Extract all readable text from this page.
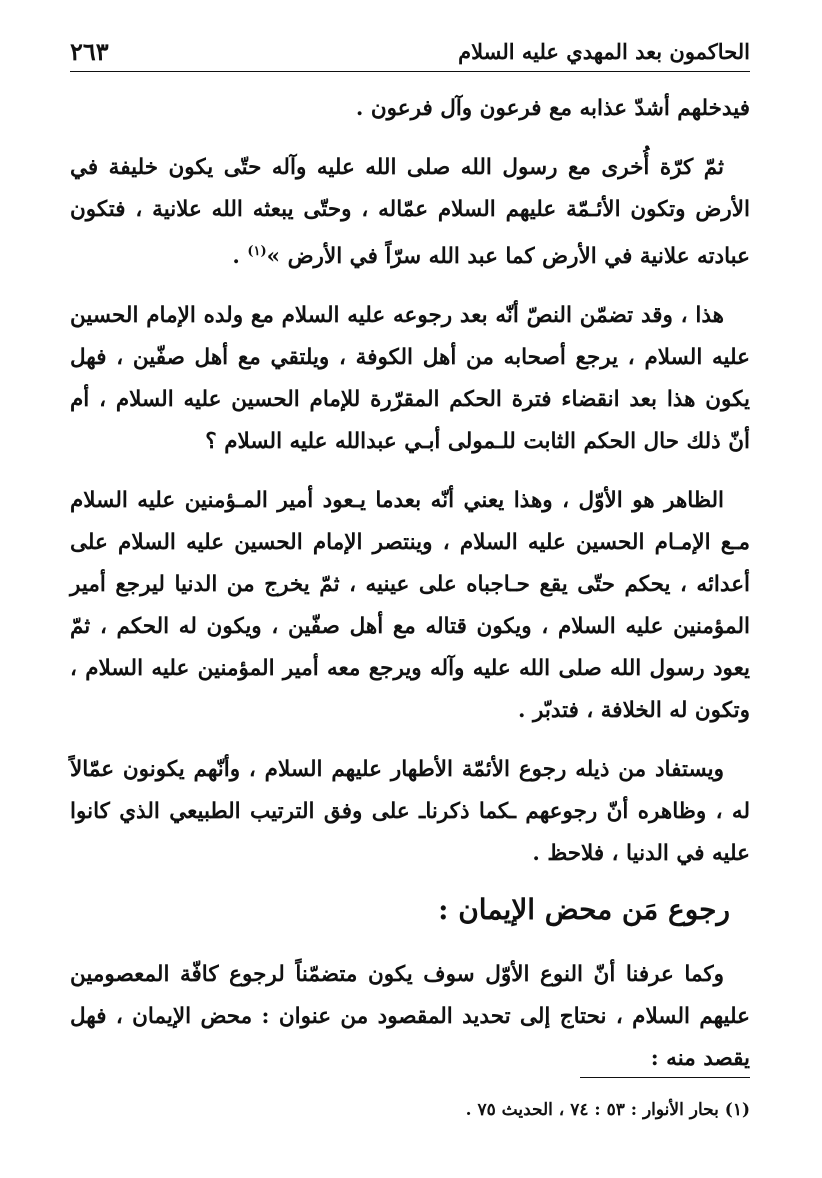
الحاكمون بعد المهدي عليه السلام
٢٦٣

فيدخلهم أشدّ عذابه مع فرعون وآل فرعون .

ثمّ كرّة أُخرى مع رسول الله صلى الله عليه وآله حتّى يكون خليفة في الأرض وتكون الأئـمّة عليهم السلام عمّاله ، وحتّى يبعثه الله علانية ، فتكون عبادته علانية في الأرض كما عبد الله سرّاً في الأرض »$^{(١)}$ .

هذا ، وقد تضمّن النصّ أنّه بعد رجوعه عليه السلام مع ولده الإمام الحسين عليه السلام ، يرجع أصحابه من أهل الكوفة ، ويلتقي مع أهل صفّين ، فهل يكون هذا بعد انقضاء فترة الحكم المقرّرة للإمام الحسين عليه السلام ، أم أنّ ذلك حال الحكم الثابت للـمولى أبـي عبدالله عليه السلام ؟

الظاهر هو الأوّل ، وهذا يعني أنّه بعدما يـعود أمير المـؤمنين عليه السلام مـع الإمـام الحسين عليه السلام ، وينتصر الإمام الحسين عليه السلام على أعدائه ، يحكم حتّى يقع حـاجباه على عينيه ، ثمّ يخرج من الدنيا ليرجع أمير المؤمنين عليه السلام ، ويكون قتاله مع أهل صفّين ، ويكون له الحكم ، ثمّ يعود رسول الله صلى الله عليه وآله ويرجع معه أمير المؤمنين عليه السلام ، وتكون له الخلافة ، فتدبّر .

ويستفاد من ذيله رجوع الأئمّة الأطهار عليهم السلام ، وأنّهم يكونون عمّالاً له ، وظاهره أنّ رجوعهم ـكما ذكرناـ على وفق الترتيب الطبيعي الذي كانوا عليه في الدنيا ، فلاحظ .

رجوع مَن محض الإيمان :

وكما عرفنا أنّ النوع الأوّل سوف يكون متضمّناً لرجوع كافّة المعصومين عليهم السلام ، نحتاج إلى تحديد المقصود من عنوان : محض الإيمان ، فهل يقصد منه :

(١) بحار الأنوار : ٥٣ : ٧٤ ، الحديث ٧٥ .
